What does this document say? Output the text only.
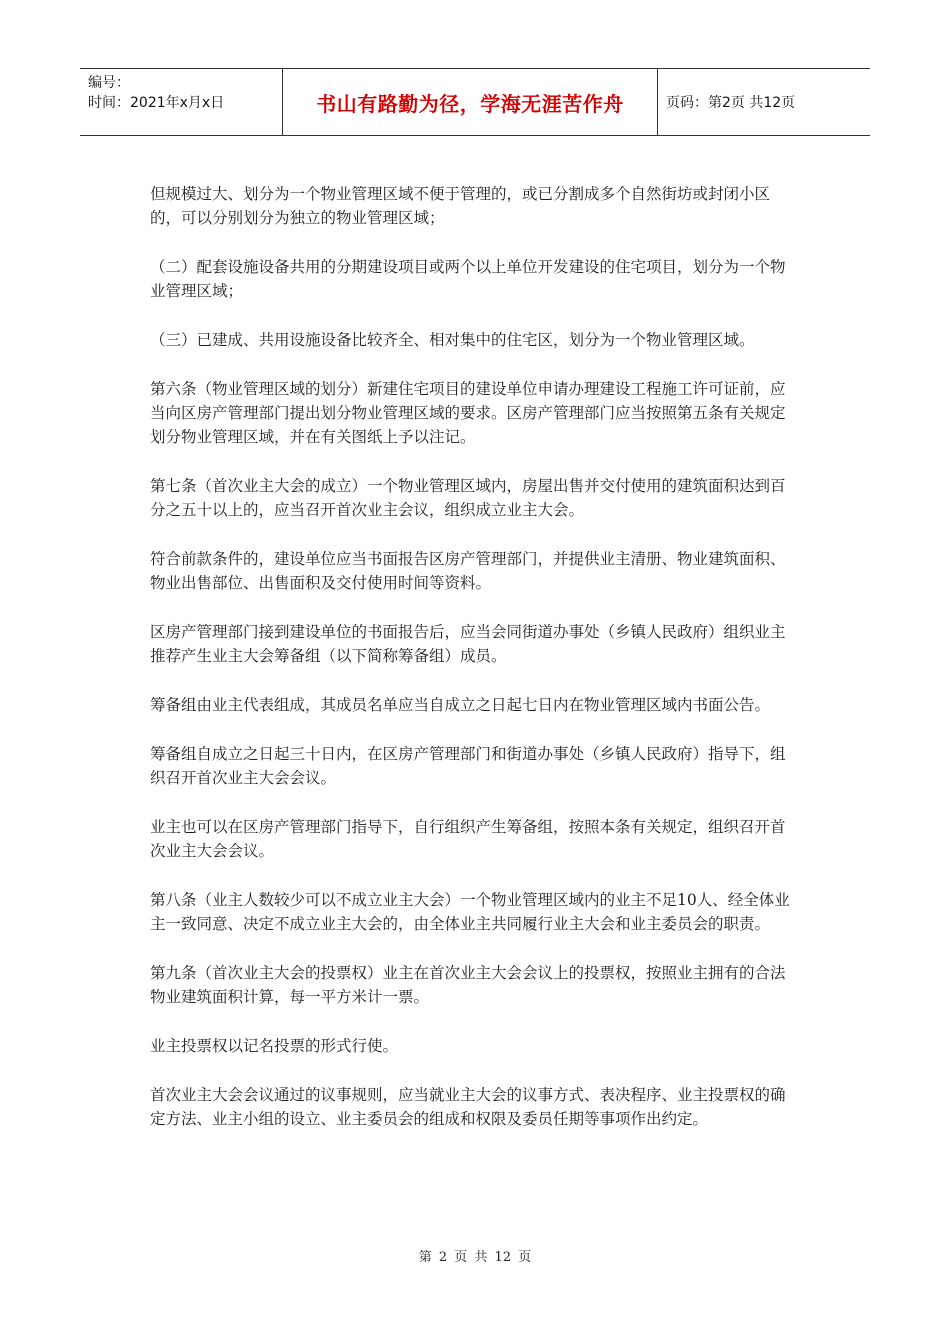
编号：
时间：2021年x月x日	书山有路勤为径，学海无涯苦作舟	页码：第2页 共12页

但规模过大、划分为一个物业管理区域不便于管理的，或已分割成多个自然街坊或封闭小区的，可以分别划分为独立的物业管理区域；

（二）配套设施设备共用的分期建设项目或两个以上单位开发建设的住宅项目，划分为一个物业管理区域；

（三）已建成、共用设施设备比较齐全、相对集中的住宅区，划分为一个物业管理区域。

第六条（物业管理区域的划分）新建住宅项目的建设单位申请办理建设工程施工许可证前，应当向区房产管理部门提出划分物业管理区域的要求。区房产管理部门应当按照第五条有关规定划分物业管理区域，并在有关图纸上予以注记。

第七条（首次业主大会的成立）一个物业管理区域内，房屋出售并交付使用的建筑面积达到百分之五十以上的，应当召开首次业主会议，组织成立业主大会。

符合前款条件的，建设单位应当书面报告区房产管理部门，并提供业主清册、物业建筑面积、物业出售部位、出售面积及交付使用时间等资料。

区房产管理部门接到建设单位的书面报告后，应当会同街道办事处（乡镇人民政府）组织业主推荐产生业主大会筹备组（以下简称筹备组）成员。

筹备组由业主代表组成，其成员名单应当自成立之日起七日内在物业管理区域内书面公告。

筹备组自成立之日起三十日内，在区房产管理部门和街道办事处（乡镇人民政府）指导下，组织召开首次业主大会会议。

业主也可以在区房产管理部门指导下，自行组织产生筹备组，按照本条有关规定，组织召开首次业主大会会议。

第八条（业主人数较少可以不成立业主大会）一个物业管理区域内的业主不足10人、经全体业主一致同意、决定不成立业主大会的，由全体业主共同履行业主大会和业主委员会的职责。

第九条（首次业主大会的投票权）业主在首次业主大会会议上的投票权，按照业主拥有的合法物业建筑面积计算，每一平方米计一票。

业主投票权以记名投票的形式行使。

首次业主大会会议通过的议事规则，应当就业主大会的议事方式、表决程序、业主投票权的确定方法、业主小组的设立、业主委员会的组成和权限及委员任期等事项作出约定。

第 2 页 共 12 页
